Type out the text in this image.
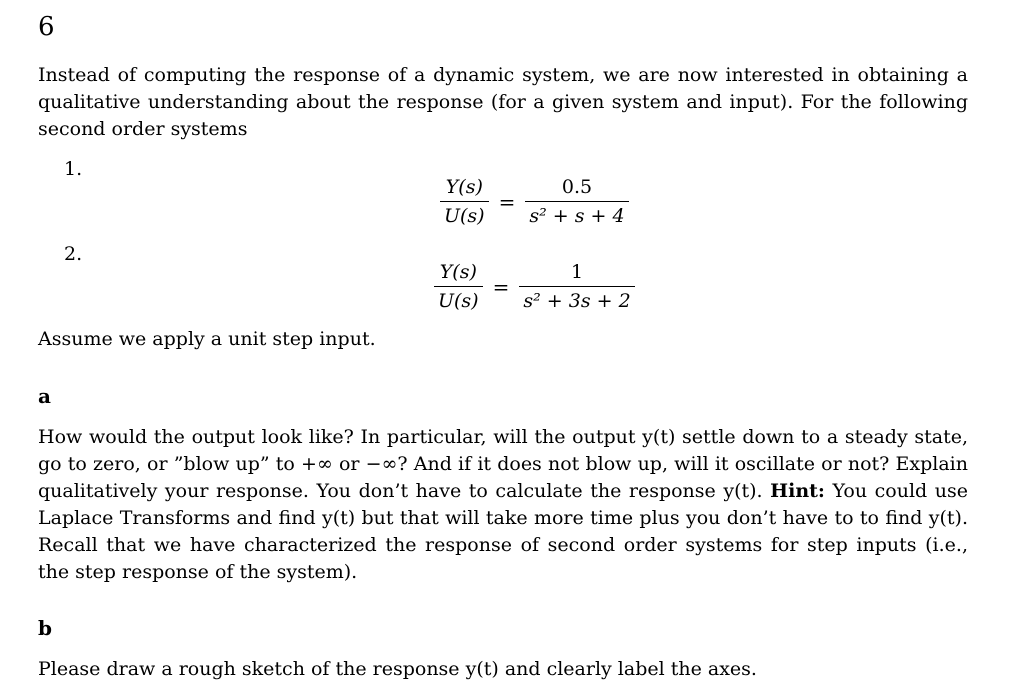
6
Instead of computing the response of a dynamic system, we are now interested in obtaining a qualitative understanding about the response (for a given system and input). For the following second order systems
1.
$\frac{Y(s)}{U(s)} = \frac{0.5}{\text{s² + s + 4}}$
2.
$\frac{Y(s)}{U(s)} = \frac{1}{\text{s² + 3s + 2}}$
Assume we apply a unit step input.
a
How would the output look like? In particular, will the output y(t) settle down to a steady state, go to zero, or ”blow up” to +∞ or −∞? And if it does not blow up, will it oscillate or not? Explain qualitatively your response. You don’t have to calculate the response y(t). Hint: You could use Laplace Transforms and find y(t) but that will take more time plus you don’t have to to find y(t). Recall that we have characterized the response of second order systems for step inputs (i.e., the step response of the system).
b
Please draw a rough sketch of the response y(t) and clearly label the axes.
